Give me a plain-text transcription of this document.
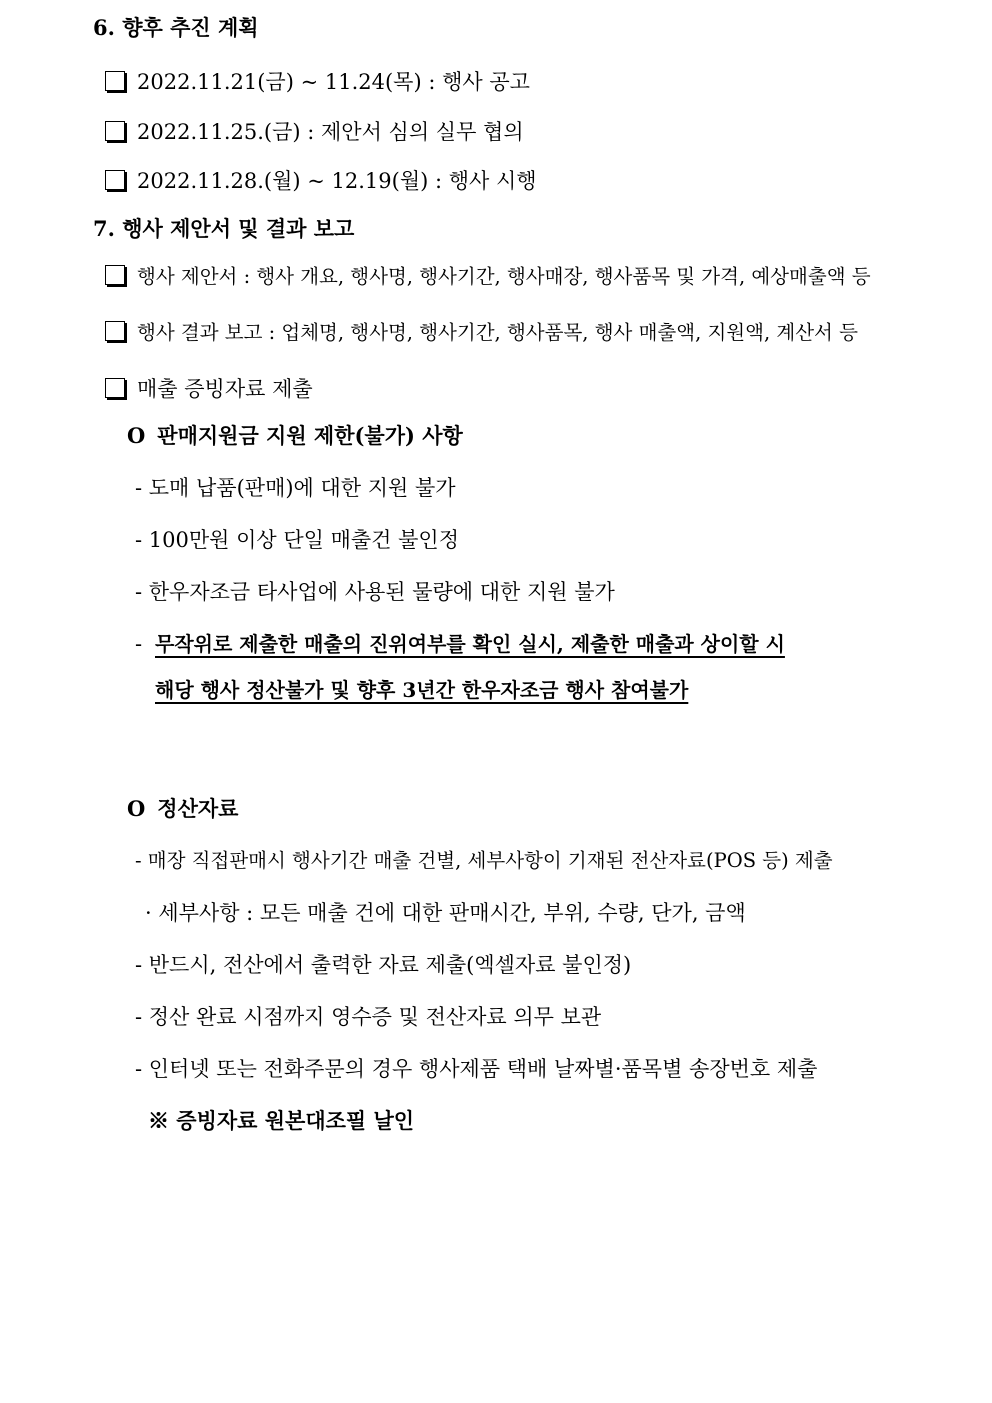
6. 향후 추진 계획
2022.11.21(금) ~ 11.24(목) : 행사 공고
2022.11.25.(금) : 제안서 심의 실무 협의
2022.11.28.(월) ~ 12.19(월) : 행사 시행
7. 행사 제안서 및 결과 보고
행사 제안서 : 행사 개요, 행사명, 행사기간, 행사매장, 행사품목 및 가격, 예상매출액 등
행사 결과 보고 : 업체명, 행사명, 행사기간, 행사품목, 행사 매출액, 지원액, 계산서 등
매출 증빙자료 제출
O 판매지원금 지원 제한(불가) 사항
- 도매 납품(판매)에 대한 지원 불가
- 100만원 이상 단일 매출건 불인정
- 한우자조금 타사업에 사용된 물량에 대한 지원 불가
- 무작위로 제출한 매출의 진위여부를 확인 실시, 제출한 매출과 상이할 시
해당 행사 정산불가 및 향후 3년간 한우자조금 행사 참여불가
O 정산자료
- 매장 직접판매시 행사기간 매출 건별, 세부사항이 기재된 전산자료(POS 등) 제출
· 세부사항 : 모든 매출 건에 대한 판매시간, 부위, 수량, 단가, 금액
- 반드시, 전산에서 출력한 자료 제출(엑셀자료 불인정)
- 정산 완료 시점까지 영수증 및 전산자료 의무 보관
- 인터넷 또는 전화주문의 경우 행사제품 택배 날짜별·품목별 송장번호 제출
※ 증빙자료 원본대조필 날인
